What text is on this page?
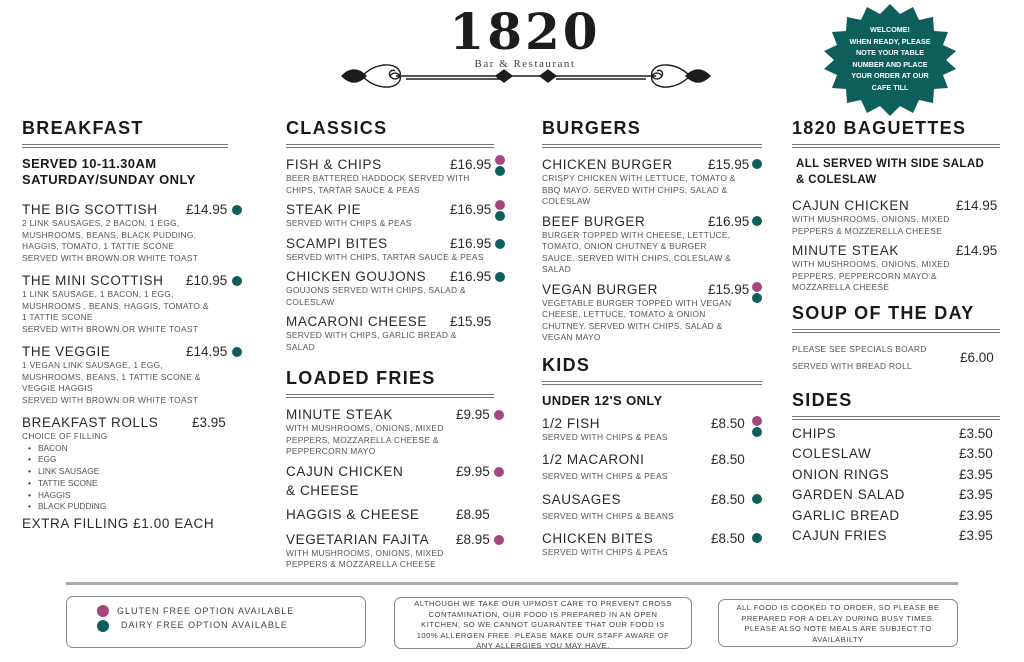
1820
Bar & Restaurant
WELCOME!
WHEN READY, PLEASE
NOTE YOUR TABLE
NUMBER AND PLACE
YOUR ORDER AT OUR
CAFE TILL
BREAKFAST
SERVED 10-11.30AM
SATURDAY/SUNDAY ONLY
THE BIG SCOTTISH	£14.95
2 LINK SAUSAGES, 2 BACON, 1 EGG,
MUSHROOMS, BEANS, BLACK PUDDING,
HAGGIS, TOMATO, 1 TATTIE SCONE
SERVED WITH BROWN OR WHITE TOAST
THE MINI SCOTTISH	£10.95
1 LINK SAUSAGE, 1 BACON, 1 EGG,
MUSHROOMS , BEANS, HAGGIS, TOMATO &
1 TATTIE SCONE
SERVED WITH BROWN OR WHITE TOAST
THE VEGGIE	£14.95
1 VEGAN LINK SAUSAGE, 1 EGG,
MUSHROOMS, BEANS, 1 TATTIE SCONE &
VEGGIE HAGGIS
SERVED WITH BROWN OR WHITE TOAST
BREAKFAST ROLLS	£3.95
CHOICE OF FILLING
• BACON
• EGG
• LINK SAUSAGE
• TATTIE SCONE
• HAGGIS
• BLACK PUDDING
EXTRA FILLING £1.00 EACH
CLASSICS
FISH & CHIPS	£16.95
BEER BATTERED HADDOCK SERVED WITH
CHIPS, TARTAR SAUCE & PEAS
STEAK PIE	£16.95
SERVED WITH CHIPS & PEAS
SCAMPI BITES	£16.95
SERVED WITH CHIPS, TARTAR SAUCE & PEAS
CHICKEN GOUJONS	£16.95
GOUJONS SERVED WITH CHIPS, SALAD &
COLESLAW
MACARONI CHEESE	£15.95
SERVED WITH CHIPS, GARLIC BREAD &
SALAD
LOADED FRIES
MINUTE STEAK	£9.95
WITH MUSHROOMS, ONIONS, MIXED
PEPPERS, MOZZARELLA CHEESE &
PEPPERCORN MAYO
CAJUN CHICKEN
& CHEESE
£9.95
HAGGIS & CHEESE	£8.95
VEGETARIAN FAJITA	£8.95
WITH MUSHROOMS, ONIONS, MIXED
PEPPERS & MOZZARELLA CHEESE
BURGERS
CHICKEN BURGER	£15.95
CRISPY CHICKEN WITH LETTUCE, TOMATO &
BBQ MAYO. SERVED WITH CHIPS, SALAD &
COLESLAW
BEEF BURGER	£16.95
BURGER TOPPED WITH CHEESE, LETTUCE,
TOMATO, ONION CHUTNEY & BURGER
SAUCE. SERVED WITH CHIPS, COLESLAW &
SALAD
VEGAN BURGER	£15.95
VEGETABLE BURGER TOPPED WITH VEGAN
CHEESE, LETTUCE, TOMATO & ONION
CHUTNEY. SERVED WITH CHIPS, SALAD &
VEGAN MAYO
KIDS
UNDER 12'S ONLY
1/2 FISH	£8.50
SERVED WITH CHIPS & PEAS
1/2 MACARONI	£8.50
SERVED WITH CHIPS & PEAS
SAUSAGES	£8.50
SERVED WITH CHIPS & BEANS
CHICKEN BITES	£8.50
SERVED WITH CHIPS & PEAS
1820 BAGUETTES
ALL SERVED WITH SIDE SALAD
& COLESLAW
CAJUN CHICKEN	£14.95
WITH MUSHROOMS, ONIONS, MIXED
PEPPERS & MOZZERELLA CHEESE
MINUTE STEAK	£14.95
WITH MUSHROOMS, ONIONS, MIXED
PEPPERS, PEPPERCORN MAYO &
MOZZARELLA CHEESE
SOUP OF THE DAY
PLEASE SEE SPECIALS BOARD
SERVED WITH BREAD ROLL
£6.00
SIDES
CHIPS	£3.50
COLESLAW	£3.50
ONION RINGS	£3.95
GARDEN SALAD	£3.95
GARLIC BREAD	£3.95
CAJUN FRIES	£3.95
GLUTEN FREE OPTION AVAILABLE
DAIRY FREE OPTION AVAILABLE
ALTHOUGH WE TAKE OUR UPMOST CARE TO PREVENT CROSS
CONTAMINATION, OUR FOOD IS PREPARED IN AN OPEN
KITCHEN, SO WE CANNOT GUARANTEE THAT OUR FOOD IS
100% ALLERGEN FREE. PLEASE MAKE OUR STAFF AWARE OF
ANY ALLERGIES YOU MAY HAVE.
ALL FOOD IS COOKED TO ORDER, SO PLEASE BE
PREPARED FOR A DELAY DURING BUSY TIMES.
PLEASE ALSO NOTE MEALS ARE SUBJECT TO
AVAILABILTY
